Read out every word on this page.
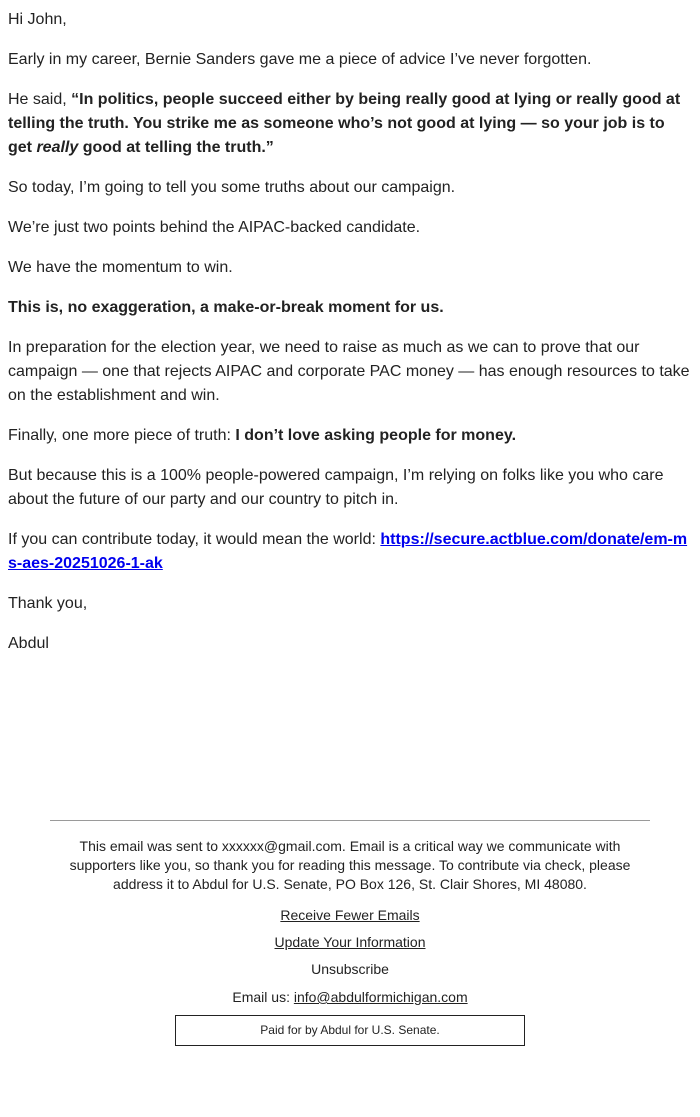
Hi John,

Early in my career, Bernie Sanders gave me a piece of advice I’ve never forgotten.

He said, “In politics, people succeed either by being really good at lying or really good at telling the truth. You strike me as someone who’s not good at lying — so your job is to get really good at telling the truth.”

So today, I’m going to tell you some truths about our campaign.

We’re just two points behind the AIPAC-backed candidate.

We have the momentum to win.

This is, no exaggeration, a make-or-break moment for us.

In preparation for the election year, we need to raise as much as we can to prove that our campaign — one that rejects AIPAC and corporate PAC money — has enough resources to take on the establishment and win.

Finally, one more piece of truth: I don’t love asking people for money.

But because this is a 100% people-powered campaign, I’m relying on folks like you who care about the future of our party and our country to pitch in.

If you can contribute today, it would mean the world: https://secure.actblue.com/donate/em-ms-aes-20251026-1-ak

Thank you,

Abdul

This email was sent to xxxxxx@gmail.com. Email is a critical way we communicate with supporters like you, so thank you for reading this message. To contribute via check, please address it to Abdul for U.S. Senate, PO Box 126, St. Clair Shores, MI 48080.

Receive Fewer Emails
Update Your Information
Unsubscribe
Email us: info@abdulformichigan.com
Paid for by Abdul for U.S. Senate.
